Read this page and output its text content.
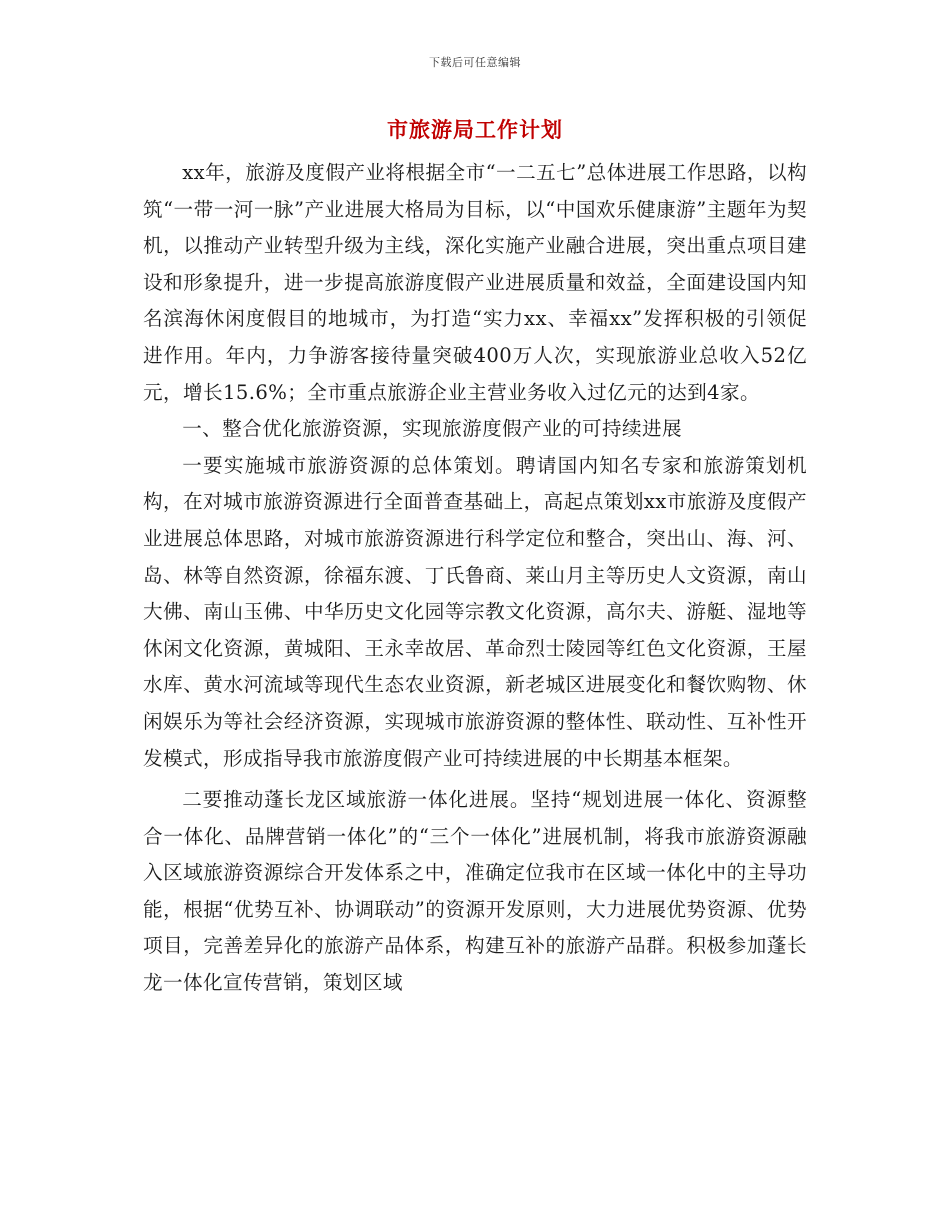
下载后可任意编辑
市旅游局工作计划

xx年，旅游及度假产业将根据全市“一二五七”总体进展工作思路，以构筑“一带一河一脉”产业进展大格局为目标，以“中国欢乐健康游”主题年为契机，以推动产业转型升级为主线，深化实施产业融合进展，突出重点项目建设和形象提升，进一步提高旅游度假产业进展质量和效益，全面建设国内知名滨海休闲度假目的地城市，为打造“实力xx、幸福xx”发挥积极的引领促进作用。年内，力争游客接待量突破400万人次，实现旅游业总收入52亿元，增长15.6%；全市重点旅游企业主营业务收入过亿元的达到4家。

一、整合优化旅游资源，实现旅游度假产业的可持续进展

一要实施城市旅游资源的总体策划。聘请国内知名专家和旅游策划机构，在对城市旅游资源进行全面普查基础上，高起点策划xx市旅游及度假产业进展总体思路，对城市旅游资源进行科学定位和整合，突出山、海、河、岛、林等自然资源，徐福东渡、丁氏鲁商、莱山月主等历史人文资源，南山大佛、南山玉佛、中华历史文化园等宗教文化资源，高尔夫、游艇、湿地等休闲文化资源，黄城阳、王永幸故居、革命烈士陵园等红色文化资源，王屋水库、黄水河流域等现代生态农业资源，新老城区进展变化和餐饮购物、休闲娱乐为等社会经济资源，实现城市旅游资源的整体性、联动性、互补性开发模式，形成指导我市旅游度假产业可持续进展的中长期基本框架。

二要推动蓬长龙区域旅游一体化进展。坚持“规划进展一体化、资源整合一体化、品牌营销一体化”的“三个一体化”进展机制，将我市旅游资源融入区域旅游资源综合开发体系之中，准确定位我市在区域一体化中的主导功能，根据“优势互补、协调联动”的资源开发原则，大力进展优势资源、优势项目，完善差异化的旅游产品体系，构建互补的旅游产品群。积极参加蓬长龙一体化宣传营销，策划区域
